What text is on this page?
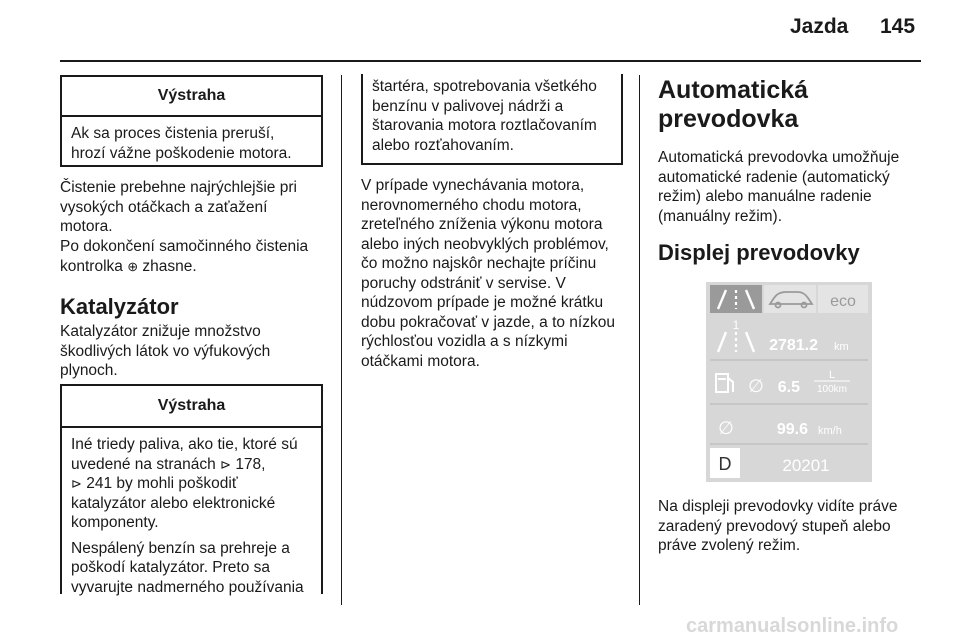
Jazda 145
Výstraha
Ak sa proces čistenia preruší,
hrozí vážne poškodenie motora.
Čistenie prebehne najrýchlejšie pri
vysokých otáčkach a zaťažení
motora.
Po dokončení samočinného čistenia
kontrolka ⊕ zhasne.
Katalyzátor
Katalyzátor znižuje množstvo
škodlivých látok vo výfukových
plynoch.
Výstraha
Iné triedy paliva, ako tie, ktoré sú
uvedené na stranách ⊳ 178,
⊳ 241 by mohli poškodiť
katalyzátor alebo elektronické
komponenty.
Nespálený benzín sa prehreje a
poškodí katalyzátor. Preto sa
vyvarujte nadmerného používania
štartéra, spotrebovania všetkého
benzínu v palivovej nádrži a
štarovania motora roztlačovaním
alebo rozťahovaním.
V prípade vynechávania motora,
nerovnomerného chodu motora,
zreteľného zníženia výkonu motora
alebo iných neobvyklých problémov,
čo možno najskôr nechajte príčinu
poruchy odstrániť v servise. V
núdzovom prípade je možné krátku
dobu pokračovať v jazde, a to nízkou
rýchlosťou vozidla a s nízkymi
otáčkami motora.
Automatická
prevodovka
Automatická prevodovka umožňuje
automatické radenie (automatický
režim) alebo manuálne radenie
(manuálny režim).
Displej prevodovky
eco
1
2781.2 km
∅ 6.5
L
100km
∅	99.6 km/h
D	20201
Na displeji prevodovky vidíte práve
zaradený prevodový stupeň alebo
práve zvolený režim.
carmanualsonline.info
